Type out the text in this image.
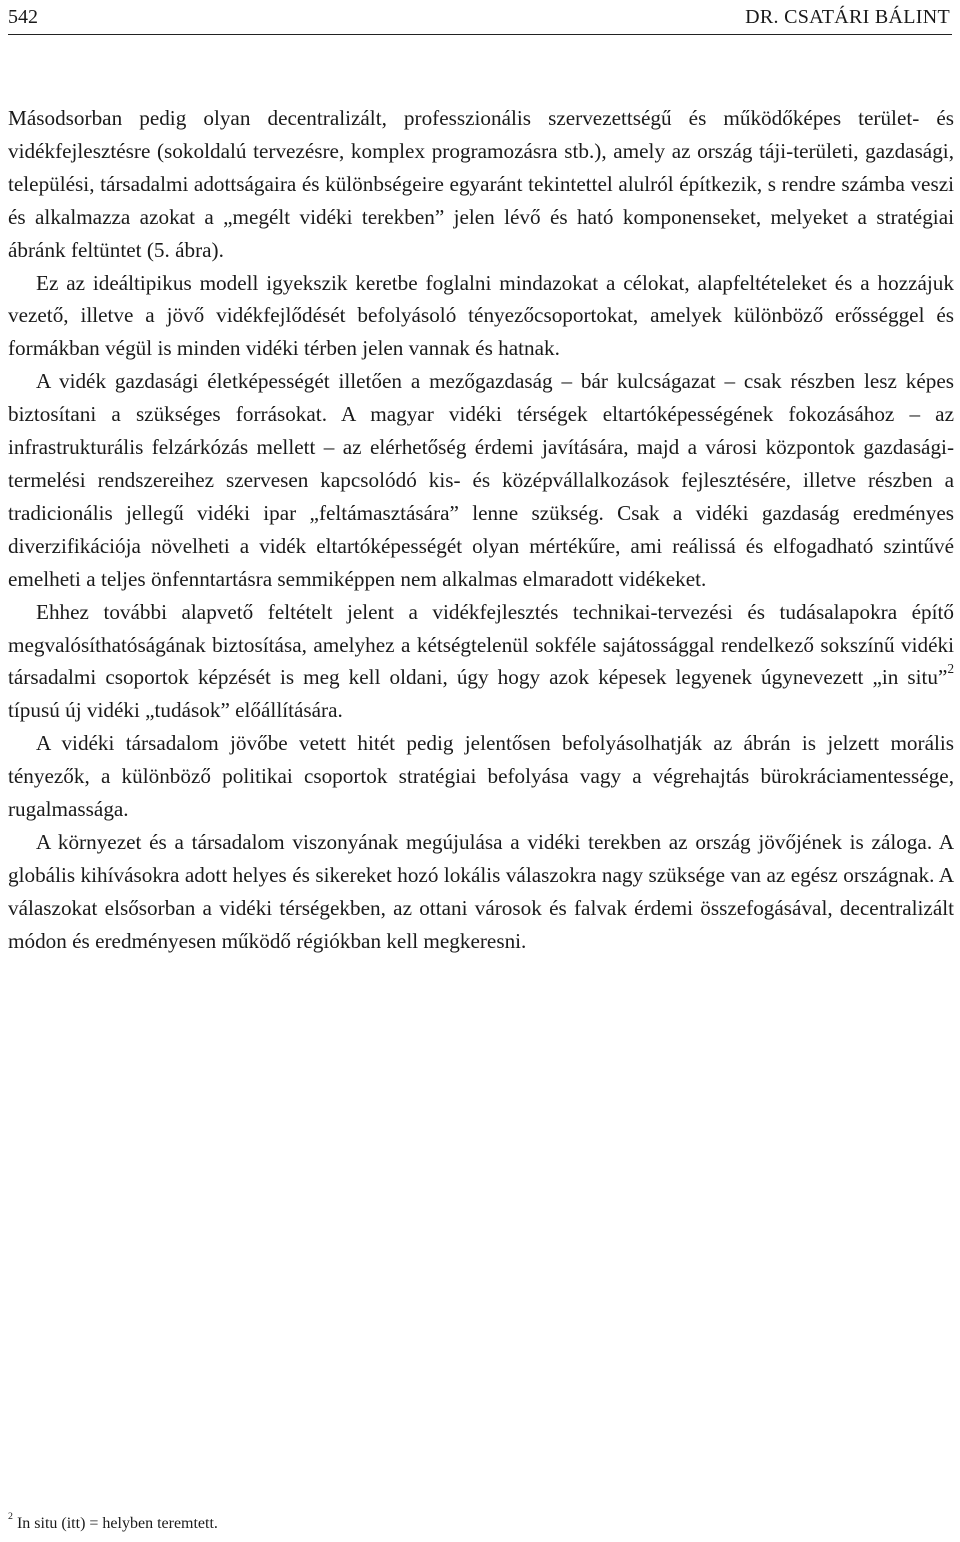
542	DR. CSATÁRI BÁLINT

Másodsorban pedig olyan decentralizált, professzionális szervezettségű és működőképes terület- és vidékfejlesztésre (sokoldalú tervezésre, komplex programozásra stb.), amely az ország táji-területi, gazdasági, települési, társadalmi adottságaira és különbségeire egyaránt tekintettel alulról építkezik, s rendre számba veszi és alkalmazza azokat a „megélt vidéki terekben” jelen lévő és ható komponenseket, melyeket a stratégiai ábránk feltüntet (5. ábra).

Ez az ideáltipikus modell igyekszik keretbe foglalni mindazokat a célokat, alapfeltételeket és a hozzájuk vezető, illetve a jövő vidékfejlődését befolyásoló tényezőcsoportokat, amelyek különböző erősséggel és formákban végül is minden vidéki térben jelen vannak és hatnak.

A vidék gazdasági életképességét illetően a mezőgazdaság – bár kulcságazat – csak részben lesz képes biztosítani a szükséges forrásokat. A magyar vidéki térségek eltartóképességének fokozásához – az infrastrukturális felzárkózás mellett – az elérhetőség érdemi javítására, majd a városi központok gazdasági-termelési rendszereihez szervesen kapcsolódó kis- és középvállalkozások fejlesztésére, illetve részben a tradicionális jellegű vidéki ipar „feltámasztására” lenne szükség. Csak a vidéki gazdaság eredményes diverzifikációja növelheti a vidék eltartóképességét olyan mértékűre, ami reálissá és elfogadható szintűvé emelheti a teljes önfenntartásra semmiképpen nem alkalmas elmaradott vidékeket.

Ehhez további alapvető feltételt jelent a vidékfejlesztés technikai-tervezési és tudásalapokra építő megvalósíthatóságának biztosítása, amelyhez a kétségtelenül sokféle sajátossággal rendelkező sokszínű vidéki társadalmi csoportok képzését is meg kell oldani, úgy hogy azok képesek legyenek úgynevezett „in situ”$^2$ típusú új vidéki „tudások” előállítására.

A vidéki társadalom jövőbe vetett hitét pedig jelentősen befolyásolhatják az ábrán is jelzett morális tényezők, a különböző politikai csoportok stratégiai befolyása vagy a végrehajtás bürokráciamentessége, rugalmassága.

A környezet és a társadalom viszonyának megújulása a vidéki terekben az ország jövőjének is záloga. A globális kihívásokra adott helyes és sikereket hozó lokális válaszokra nagy szüksége van az egész országnak. A válaszokat elsősorban a vidéki térségekben, az ottani városok és falvak érdemi összefogásával, decentralizált módon és eredményesen működő régiókban kell megkeresni.

$^2$ In situ (itt) = helyben teremtett.
